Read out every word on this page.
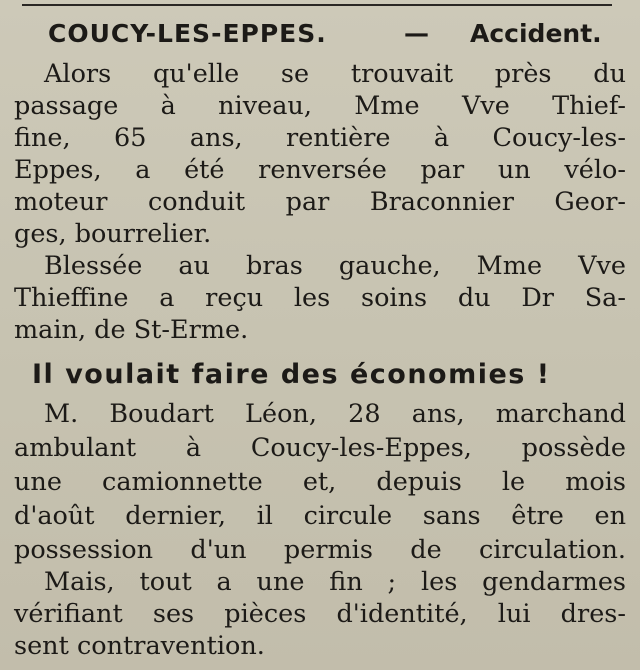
COUCY-LES-EPPES.	— Accident.
Alors qu'elle se trouvait près du
passage à niveau, Mme Vve Thief-
fine, 65 ans, rentière à Coucy-les-
Eppes, a été renversée par un vélo-
moteur conduit par Braconnier Geor-
ges, bourrelier.
Blessée au bras gauche, Mme Vve
Thieffine a reçu les soins du Dr Sa-
main, de St-Erme.
Il voulait faire des économies !
M. Boudart Léon, 28 ans, marchand
ambulant à Coucy-les-Eppes, possède
une camionnette et, depuis le mois
d'août dernier, il circule sans être en
possession d'un permis de circulation.
Mais, tout a une fin ; les gendarmes
vérifiant ses pièces d'identité, lui dres-
sent contravention.
